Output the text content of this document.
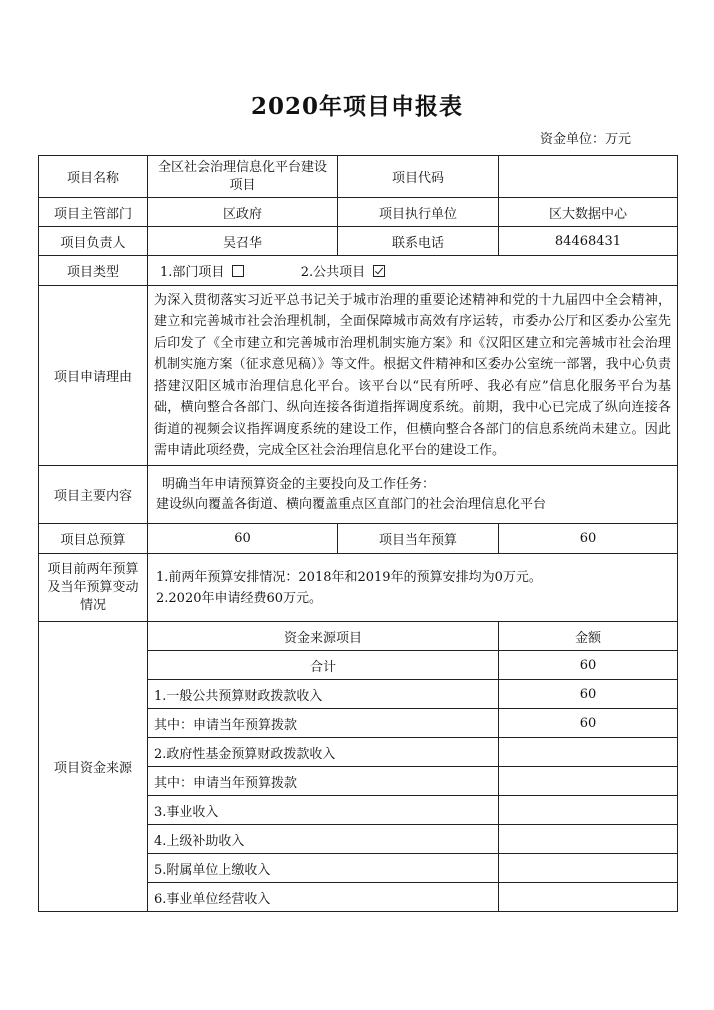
2020年项目申报表
资金单位：万元
项目名称	全区社会治理信息化平台建设项目	项目代码	
项目主管部门	区政府	项目执行单位	区大数据中心
项目负责人	吴召华	联系电话	84468431
项目类型	1.部门项目 2.公共项目		
项目申请理由	为深入贯彻落实习近平总书记关于城市治理的重要论述精神和党的十九届四中全会精神，建立和完善城市社会治理机制，全面保障城市高效有序运转，市委办公厅和区委办公室先后印发了《全市建立和完善城市治理机制实施方案》和《汉阳区建立和完善城市社会治理机制实施方案（征求意见稿）》等文件。根据文件精神和区委办公室统一部署，我中心负责搭建汉阳区城市治理信息化平台。该平台以“民有所呼、我必有应”信息化服务平台为基础，横向整合各部门、纵向连接各街道指挥调度系统。前期，我中心已完成了纵向连接各街道的视频会议指挥调度系统的建设工作，但横向整合各部门的信息系统尚未建立。因此需申请此项经费，完成全区社会治理信息化平台的建设工作。		
项目主要内容	明确当年申请预算资金的主要投向及工作任务：
建设纵向覆盖各街道、横向覆盖重点区直部门的社会治理信息化平台		

项目总预算	60	项目当年预算	60
项目前两年预算及当年预算变动情况	1.前两年预算安排情况：2018年和2019年的预算安排均为0万元。
2.2020年申请经费60万元。		

项目资金来源	资金来源项目		金额
	合计		60
	1.一般公共预算财政拨款收入		60
	其中：申请当年预算拨款		60
	2.政府性基金预算财政拨款收入		
	其中：申请当年预算拨款		
	3.事业收入		
	4.上级补助收入		
	5.附属单位上缴收入		
	6.事业单位经营收入		
